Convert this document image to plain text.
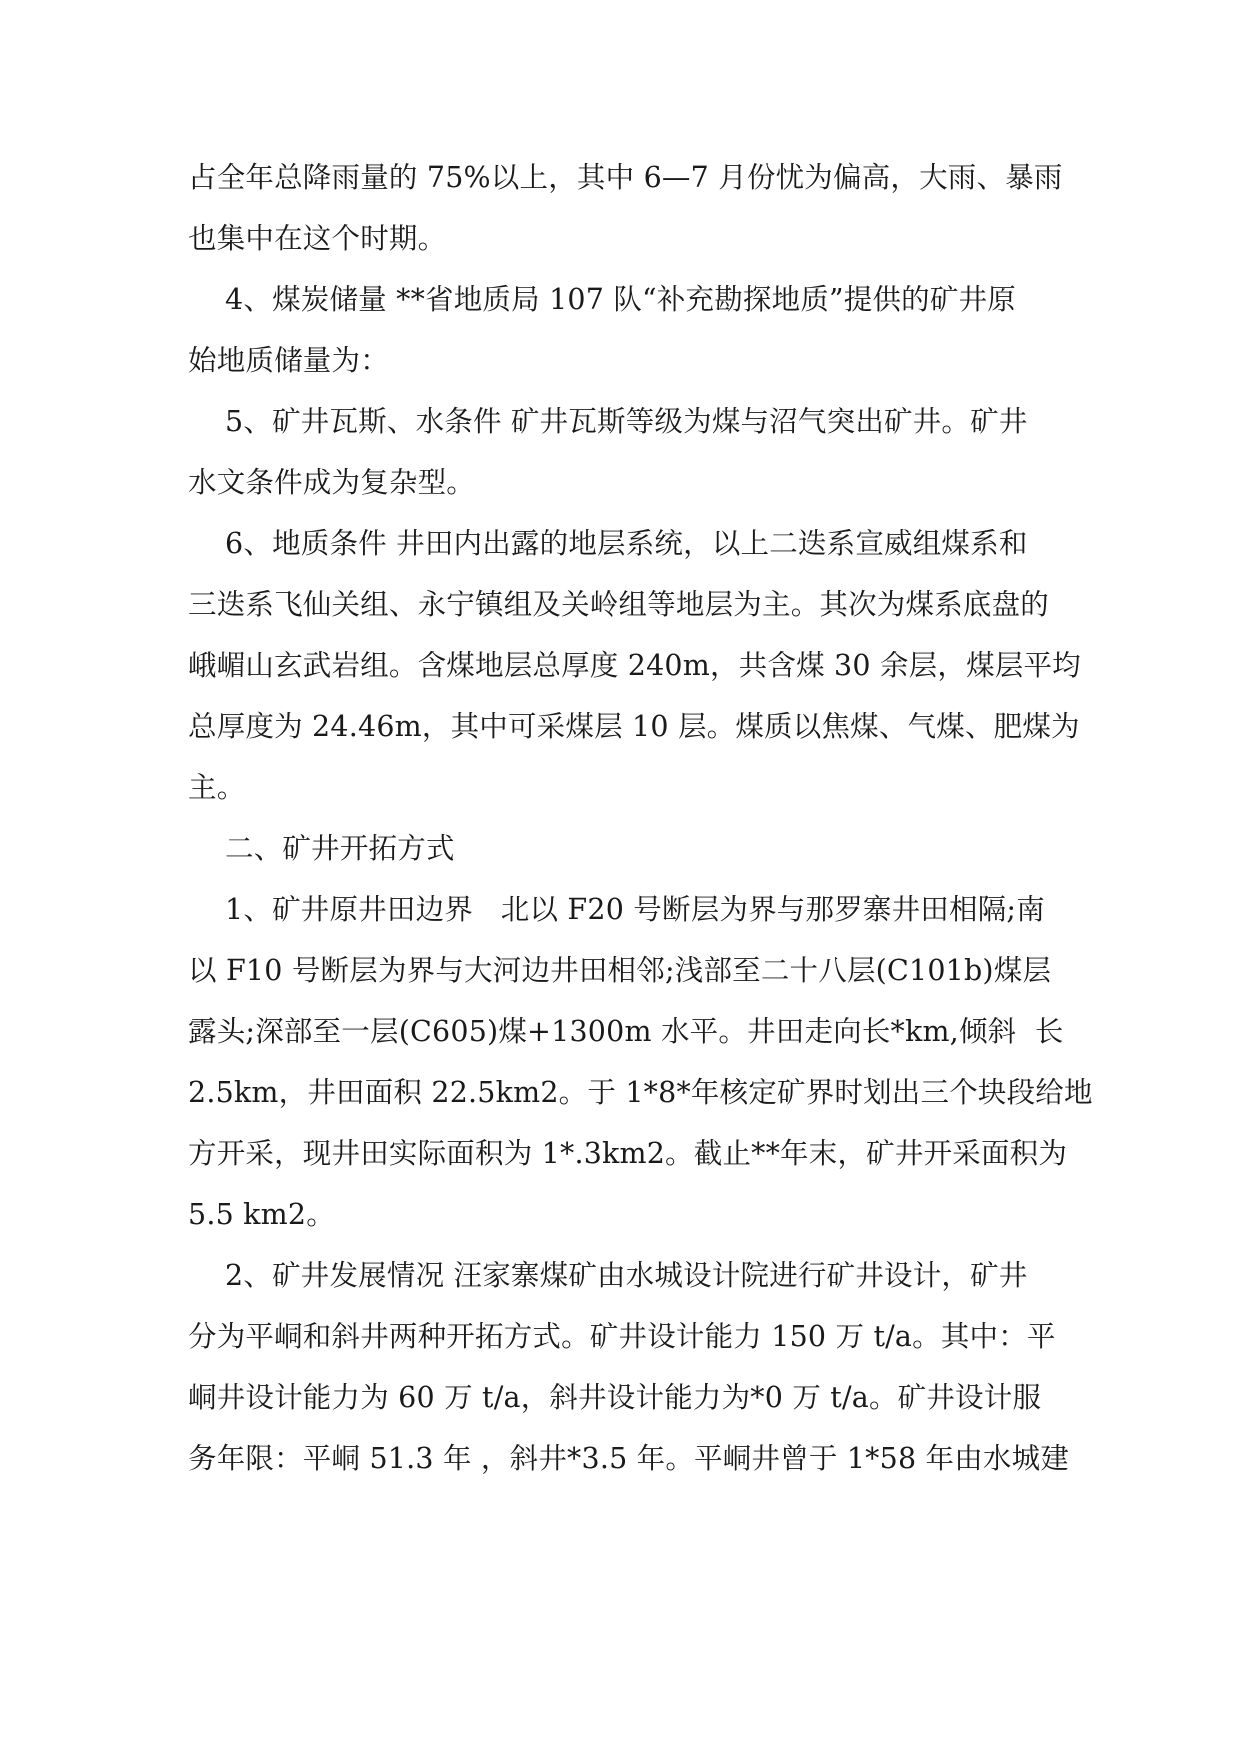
占全年总降雨量的 75%以上，其中 6—7 月份忧为偏高，大雨、暴雨
也集中在这个时期。
4、煤炭储量 **省地质局 107 队“补充勘探地质”提供的矿井原
始地质储量为：
5、矿井瓦斯、水条件 矿井瓦斯等级为煤与沼气突出矿井。矿井
水文条件成为复杂型。
6、地质条件 井田内出露的地层系统，以上二迭系宣威组煤系和
三迭系飞仙关组、永宁镇组及关岭组等地层为主。其次为煤系底盘的
峨嵋山玄武岩组。含煤地层总厚度 240m，共含煤 30 余层，煤层平均
总厚度为 24.46m，其中可采煤层 10 层。煤质以焦煤、气煤、肥煤为
主。
二、矿井开拓方式
1、矿井原井田边界   北以 F20 号断层为界与那罗寨井田相隔;南
以 F10 号断层为界与大河边井田相邻;浅部至二十八层(C101b)煤层
露头;深部至一层(C605)煤+1300m 水平。井田走向长*km,倾斜  长
2.5km，井田面积 22.5km2。于 1*8*年核定矿界时划出三个块段给地
方开采，现井田实际面积为 1*.3km2。截止**年末，矿井开采面积为
5.5 km2。
2、矿井发展情况 汪家寨煤矿由水城设计院进行矿井设计，矿井
分为平峒和斜井两种开拓方式。矿井设计能力 150 万 t/a。其中：平
峒井设计能力为 60 万 t/a，斜井设计能力为*0 万 t/a。矿井设计服
务年限：平峒 51.3 年 ，斜井*3.5 年。平峒井曾于 1*58 年由水城建
